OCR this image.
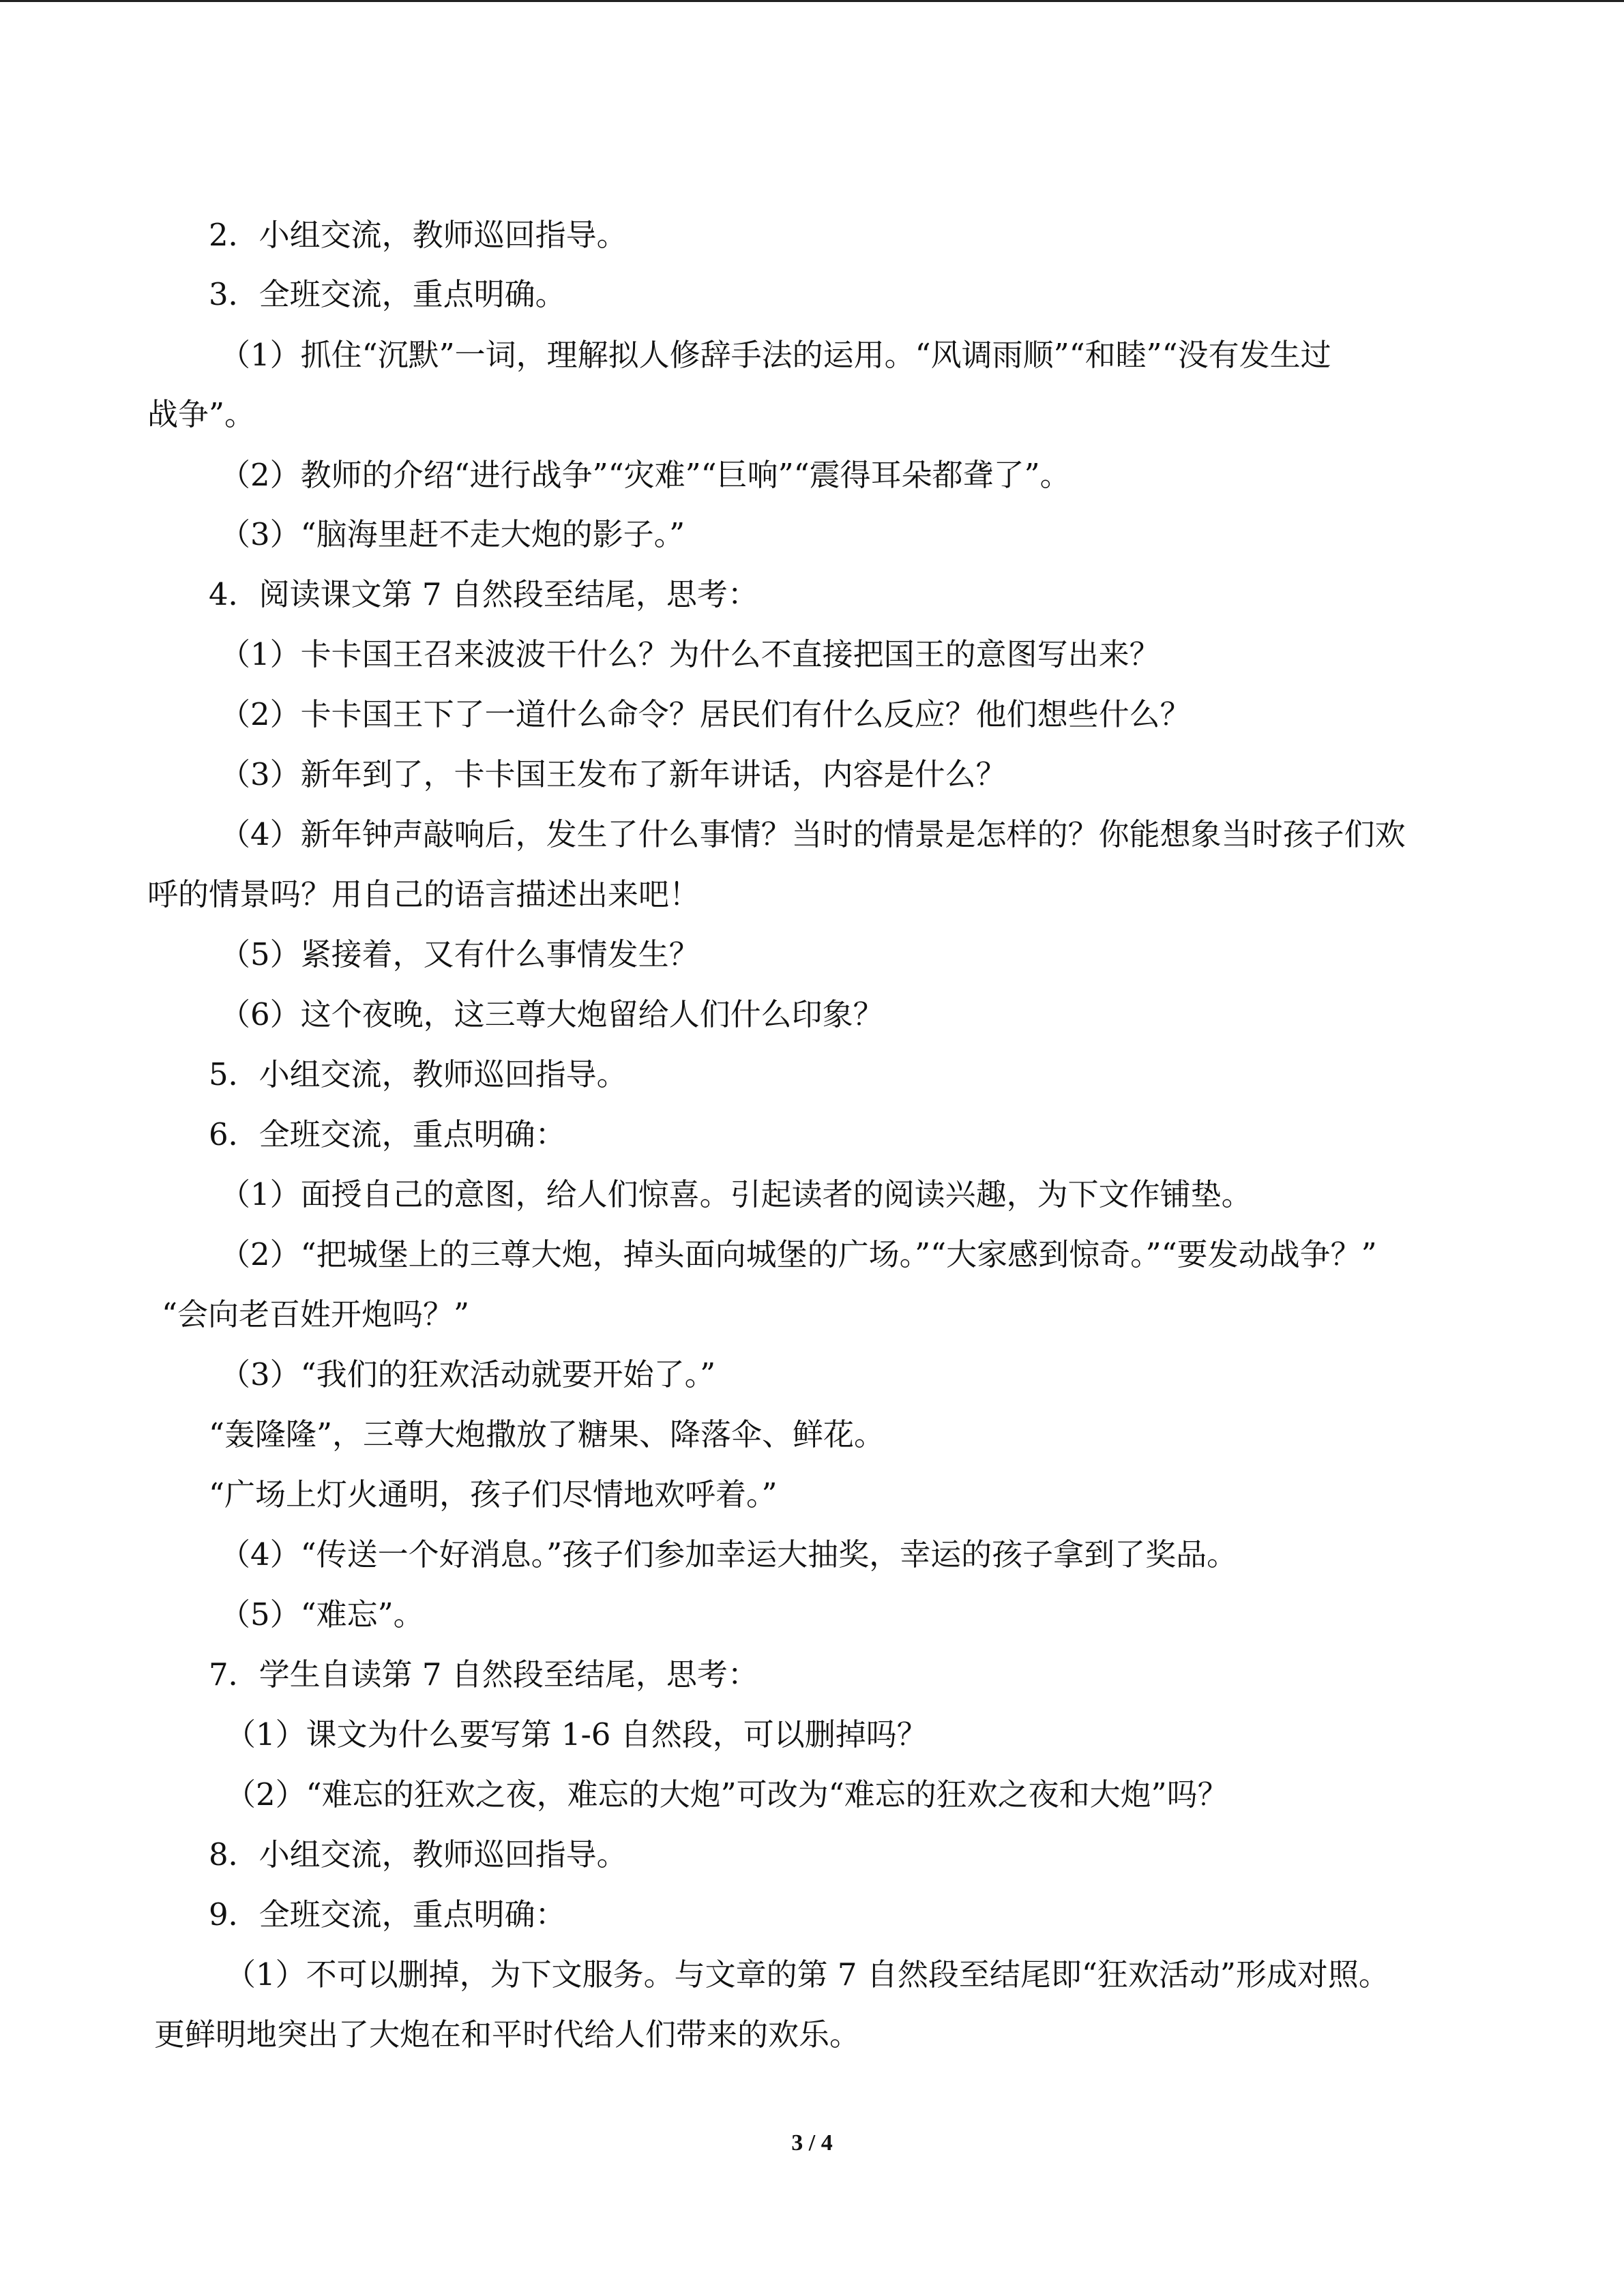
2．小组交流，教师巡回指导。
3．全班交流，重点明确。
（1）抓住“沉默”一词，理解拟人修辞手法的运用。“风调雨顺”“和睦”“没有发生过
战争”。
（2）教师的介绍“进行战争”“灾难”“巨响”“震得耳朵都聋了”。
（3）“脑海里赶不走大炮的影子。”
4．阅读课文第 7 自然段至结尾，思考：
（1）卡卡国王召来波波干什么？为什么不直接把国王的意图写出来？
（2）卡卡国王下了一道什么命令？居民们有什么反应？他们想些什么？
（3）新年到了，卡卡国王发布了新年讲话，内容是什么？
（4）新年钟声敲响后，发生了什么事情？当时的情景是怎样的？你能想象当时孩子们欢
呼的情景吗？用自己的语言描述出来吧！
（5）紧接着，又有什么事情发生？
（6）这个夜晚，这三尊大炮留给人们什么印象？
5．小组交流，教师巡回指导。
6．全班交流，重点明确：
（1）面授自己的意图，给人们惊喜。引起读者的阅读兴趣，为下文作铺垫。
（2）“把城堡上的三尊大炮，掉头面向城堡的广场。”“大家感到惊奇。”“要发动战争？”
“会向老百姓开炮吗？”
（3）“我们的狂欢活动就要开始了。”
“轰隆隆”，三尊大炮撒放了糖果、降落伞、鲜花。
“广场上灯火通明，孩子们尽情地欢呼着。”
（4）“传送一个好消息。”孩子们参加幸运大抽奖，幸运的孩子拿到了奖品。
（5）“难忘”。
7．学生自读第 7 自然段至结尾，思考：
（1）课文为什么要写第 1-6 自然段，可以删掉吗？
（2）“难忘的狂欢之夜，难忘的大炮”可改为“难忘的狂欢之夜和大炮”吗？
8．小组交流，教师巡回指导。
9．全班交流，重点明确：
（1）不可以删掉，为下文服务。与文章的第 7 自然段至结尾即“狂欢活动”形成对照。
更鲜明地突出了大炮在和平时代给人们带来的欢乐。
3 / 4
